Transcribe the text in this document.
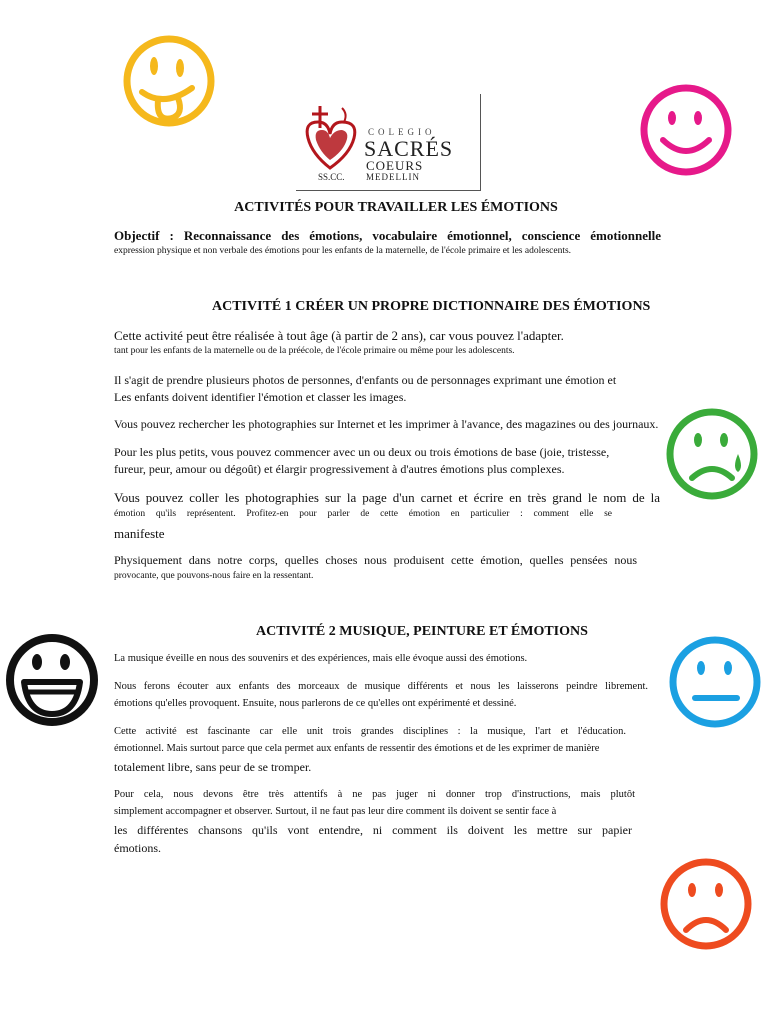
COLEGIO
SACRÉS
COEURS
SS.CC. MEDELLIN
ACTIVITÉS POUR TRAVAILLER LES ÉMOTIONS
Objectif : Reconnaissance des émotions, vocabulaire émotionnel, conscience émotionnelle
expression physique et non verbale des émotions pour les enfants de la maternelle, de l'école primaire et les adolescents.
ACTIVITÉ 1 CRÉER UN PROPRE DICTIONNAIRE DES ÉMOTIONS
Cette activité peut être réalisée à tout âge (à partir de 2 ans), car vous pouvez l'adapter.
tant pour les enfants de la maternelle ou de la préécole, de l'école primaire ou même pour les adolescents.
Il s'agit de prendre plusieurs photos de personnes, d'enfants ou de personnages exprimant une émotion et
Les enfants doivent identifier l'émotion et classer les images.
Vous pouvez rechercher les photographies sur Internet et les imprimer à l'avance, des magazines ou des journaux.
Pour les plus petits, vous pouvez commencer avec un ou deux ou trois émotions de base (joie, tristesse,
fureur, peur, amour ou dégoût) et élargir progressivement à d'autres émotions plus complexes.
Vous pouvez coller les photographies sur la page d'un carnet et écrire en très grand le nom de la
émotion qu'ils représentent. Profitez-en pour parler de cette émotion en particulier : comment elle se
manifeste
Physiquement dans notre corps, quelles choses nous produisent cette émotion, quelles pensées nous
provocante, que pouvons-nous faire en la ressentant.
ACTIVITÉ 2 MUSIQUE, PEINTURE ET ÉMOTIONS
La musique éveille en nous des souvenirs et des expériences, mais elle évoque aussi des émotions.
Nous ferons écouter aux enfants des morceaux de musique différents et nous les laisserons peindre librement.
émotions qu'elles provoquent. Ensuite, nous parlerons de ce qu'elles ont expérimenté et dessiné.
Cette activité est fascinante car elle unit trois grandes disciplines : la musique, l'art et l'éducation.
émotionnel. Mais surtout parce que cela permet aux enfants de ressentir des émotions et de les exprimer de manière
totalement libre, sans peur de se tromper.
Pour cela, nous devons être très attentifs à ne pas juger ni donner trop d'instructions, mais plutôt
simplement accompagner et observer. Surtout, il ne faut pas leur dire comment ils doivent se sentir face à
les différentes chansons qu'ils vont entendre, ni comment ils doivent les mettre sur papier
émotions.
